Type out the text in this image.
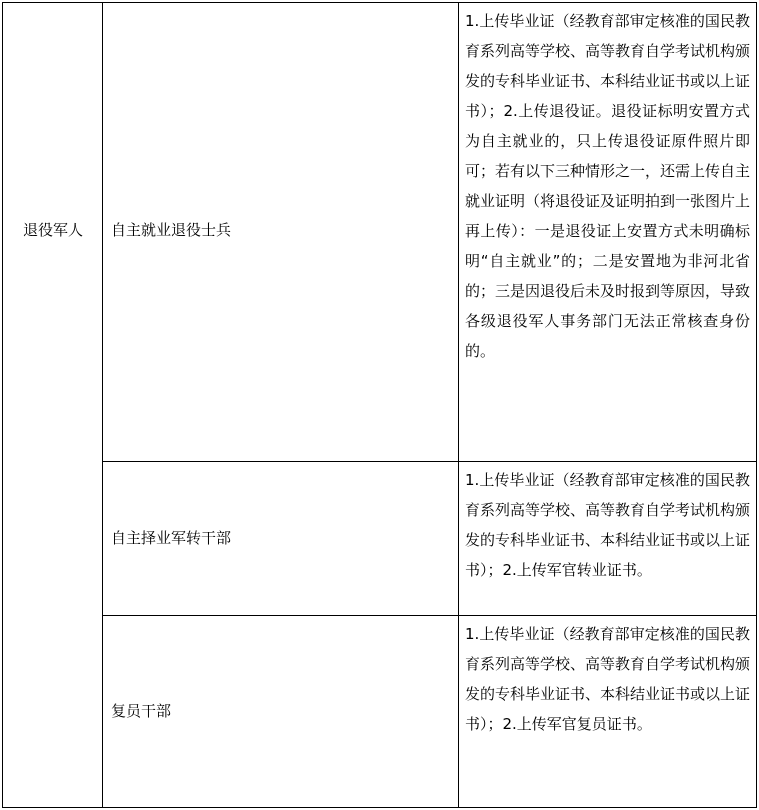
退役军人 自主就业退役士兵
1.上传毕业证（经教育部审定核准的国民教育系列高等学校、高等教育自学考试机构颁发的专科毕业证书、本科结业证书或以上证书）；2.上传退役证。退役证标明安置方式为自主就业的，只上传退役证原件照片即可；若有以下三种情形之一，还需上传自主就业证明（将退役证及证明拍到一张图片上再上传）：一是退役证上安置方式未明确标明“自主就业”的；二是安置地为非河北省的；三是因退役后未及时报到等原因，导致各级退役军人事务部门无法正常核查身份的。
自主择业军转干部
1.上传毕业证（经教育部审定核准的国民教育系列高等学校、高等教育自学考试机构颁发的专科毕业证书、本科结业证书或以上证书）；2.上传军官转业证书。
复员干部
1.上传毕业证（经教育部审定核准的国民教育系列高等学校、高等教育自学考试机构颁发的专科毕业证书、本科结业证书或以上证书）；2.上传军官复员证书。
